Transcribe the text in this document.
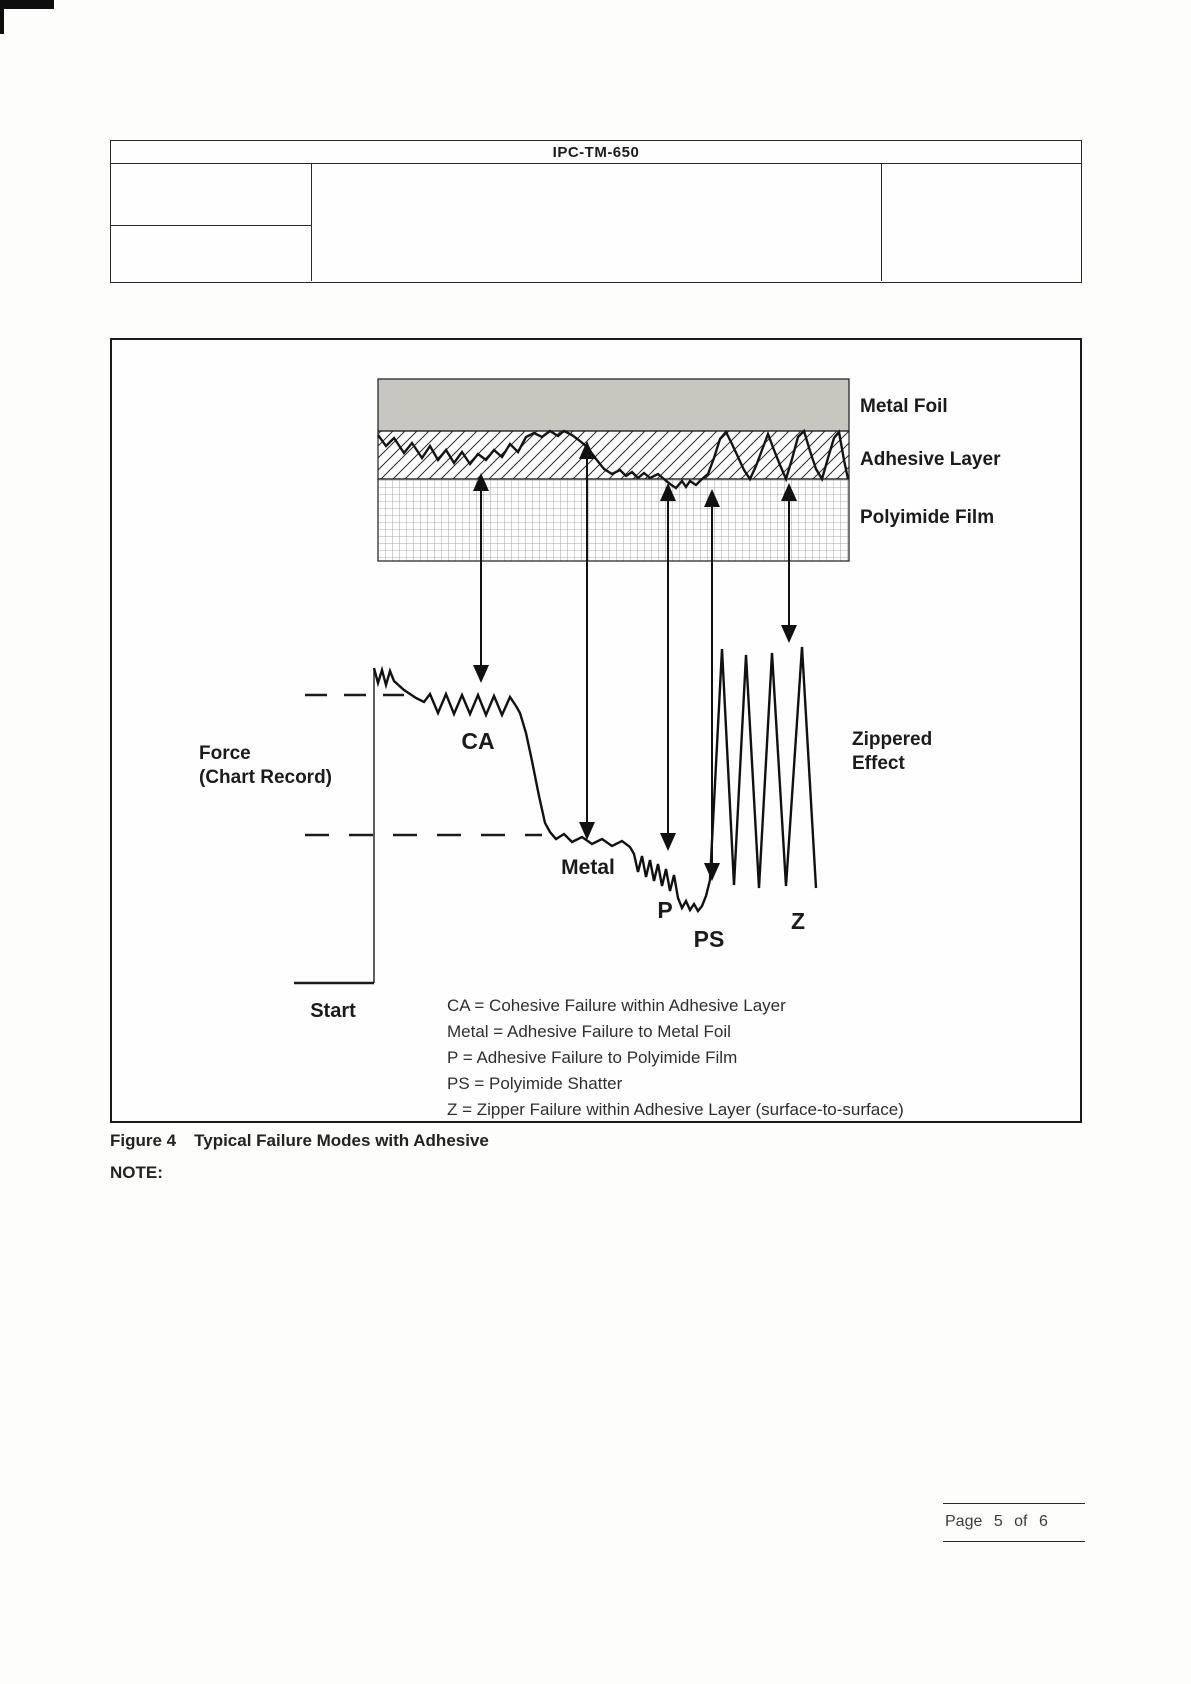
IPC-TM-650
Metal Foil
Adhesive Layer
Polyimide Film
Force
(Chart Record)
CA
Metal
P
PS
Z
Zippered
Effect
Start	CA = Cohesive Failure within Adhesive Layer
Metal = Adhesive Failure to Metal Foil
P = Adhesive Failure to Polyimide Film
PS = Polyimide Shatter
Z = Zipper Failure within Adhesive Layer (surface-to-surface)
Figure 4 Typical Failure Modes with Adhesive
NOTE:
Page 5 of 6
